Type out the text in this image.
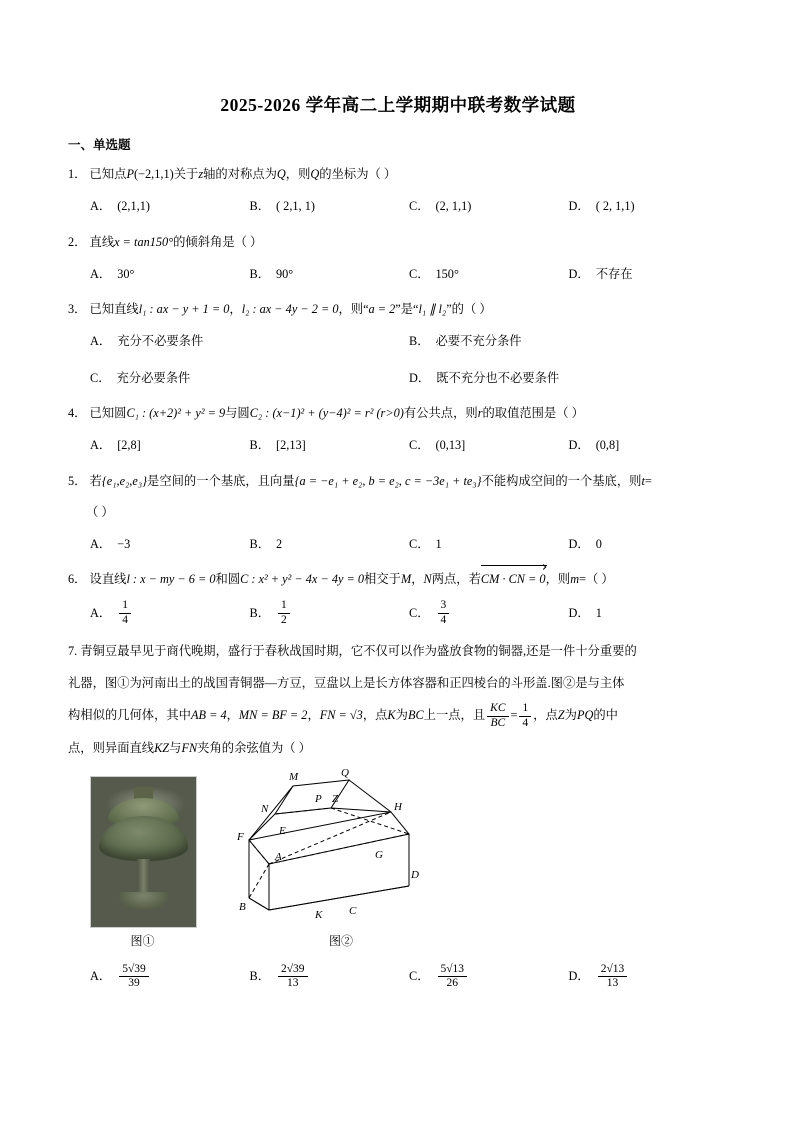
2025-2026 学年高二上学期期中联考数学试题
一、单选题
1． 已知点P(−2,1,1)关于z轴的对称点为Q，则Q的坐标为（ ）
A． (2,1,1)	B． ( 2,1, 1)	C． (2, 1,1)	D． ( 2, 1,1)
2． 直线x = tan150°的倾斜角是（ ）
A． 30°	B． 90°	C． 150°	D． 不存在
3． 已知直线l₁ : ax − y + 1 = 0，l₂ : ax − 4y − 2 = 0，则“a = 2”是“l₁ ∥ l₂”的（ ）
A． 充分不必要条件	B． 必要不充分条件
C． 充分必要条件	D． 既不充分也不必要条件
4． 已知圆C₁ : (x+2)² + y² = 9与圆C₂ : (x−1)² + (y−4)² = r² (r>0)有公共点，则r的取值范围是（ ）
A． [2,8]	B． [2,13]	C． (0,13]	D． (0,8]
5． 若{e₁,e₂,e₃}是空间的一个基底，且向量{a = −e₁ + e₂, b = e₂, c = −3e₁ + te₃}不能构成空间的一个基底，则t=
（ ）
A． −3	B． 2	C． 1	D． 0
6． 设直线l : x − my − 6 = 0和圆C : x² + y² − 4x − 4y = 0相交于M，N两点，若CM · CN = 0，则m=（ ）
A． $\frac{1}{4}$	B． $\frac{1}{2}$	C． $\frac{3}{4}$	D． 1
7. 青铜豆最早见于商代晚期，盛行于春秋战国时期，它不仅可以作为盛放食物的铜器,还是一件十分重要的
礼器，图①为河南出土的战国青铜器—方豆，豆盘以上是长方体容器和正四棱台的斗形盖.图②是与主体
构相似的几何体，其中AB = 4，MN = BF = 2，FN = √3，点K为BC上一点，且 $\frac{KC}{BC} = \frac{1}{4}$ ，点Z为PQ的中
点，则异面直线KZ与FN夹角的余弦值为（ ）
图①
M	Q
N
P Z
H
E
F
A	G
D
B
K C
图②
A． $\frac{5√39}{39}$	B． $\frac{2√39}{13}$	C． $\frac{5√13}{26}$	D． $\frac{2√13}{13}$
